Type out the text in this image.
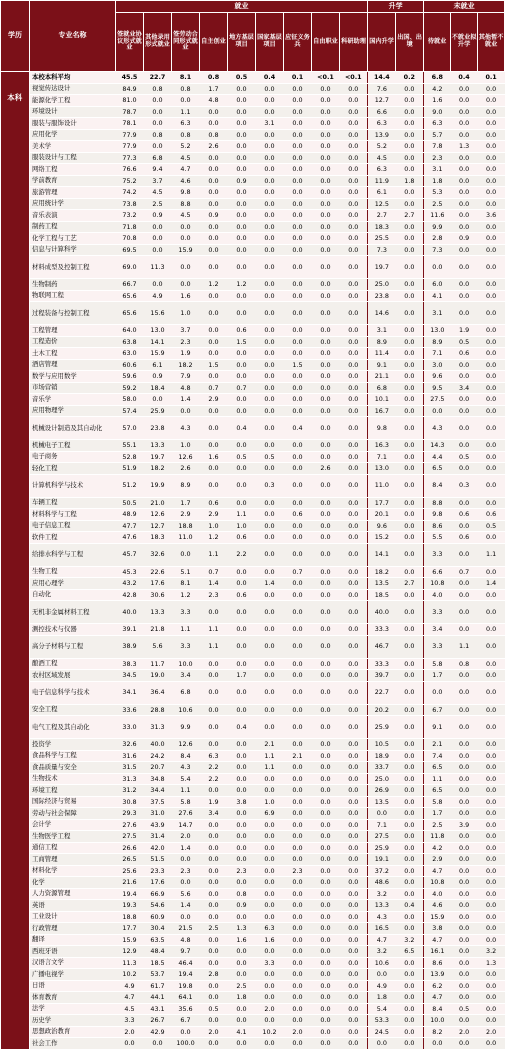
学历	专业名称	就业									升学		未就业		
		签就业协议形式就业	其他录用形式就业	签劳动合同形式就业	自主创业	地方基层项目	国家基层项目	应征义务兵	自由职业	科研助理	国内升学	出国、出境	待就业	不就业拟升学	其他暂不就业

本科	本校本科平均	45.5	22.7	8.1	0.8	0.5	0.4	0.1	<0.1	<0.1	14.4	0.2	6.8	0.4	0.1
	视觉传达设计	84.9	0.8	0.8	1.7	0.0	0.0	0.0	0.0	0.0	7.6	0.0	4.2	0.0	0.0
	能源化学工程	81.0	0.0	0.0	4.8	0.0	0.0	0.0	0.0	0.0	12.7	0.0	1.6	0.0	0.0
	环境设计	78.7	0.0	1.1	0.0	0.0	0.0	0.0	0.0	0.0	6.6	0.0	9.0	0.0	0.0
	服装与服饰设计	78.1	0.0	6.3	0.0	0.0	3.1	0.0	0.0	0.0	6.3	0.0	6.3	0.0	0.0
	应用化学	77.9	0.8	0.8	0.8	0.0	0.0	0.0	0.0	0.0	13.9	0.0	5.7	0.0	0.0
	美术学	77.9	0.0	5.2	2.6	0.0	0.0	0.0	0.0	0.0	5.2	0.0	7.8	1.3	0.0
	服装设计与工程	77.3	6.8	4.5	0.0	0.0	0.0	0.0	0.0	0.0	4.5	0.0	2.3	0.0	0.0
	网络工程	76.6	9.4	4.7	0.0	0.0	0.0	0.0	0.0	0.0	6.3	0.0	3.1	0.0	0.0
	学前教育	75.2	3.7	4.6	0.0	0.9	0.0	0.0	0.0	0.0	11.9	1.8	1.8	0.0	0.0
	旅游管理	74.2	4.5	9.8	0.0	0.0	0.0	0.0	0.0	0.0	6.1	0.0	5.3	0.0	0.0
	应用统计学	73.8	2.5	8.8	0.0	0.0	0.0	0.0	0.0	0.0	12.5	0.0	2.5	0.0	0.0
	音乐表演	73.2	0.9	4.5	0.9	0.0	0.0	0.0	0.0	0.0	2.7	2.7	11.6	0.0	3.6
	制药工程	71.8	0.0	0.0	0.0	0.0	0.0	0.0	0.0	0.0	18.3	0.0	9.9	0.0	0.0
	化学工程与工艺	70.8	0.0	0.0	0.0	0.0	0.0	0.0	0.0	0.0	25.5	0.0	2.8	0.9	0.0
	信息与计算科学	69.5	0.0	15.9	0.0	0.0	0.0	0.0	0.0	0.0	7.3	0.0	7.3	0.0	0.0
	材料成型及控制工程	69.0	11.3	0.0	0.0	0.0	0.0	0.0	0.0	0.0	19.7	0.0	0.0	0.0	0.0
	生物制药	66.7	0.0	0.0	1.2	1.2	0.0	0.0	0.0	0.0	25.0	0.0	6.0	0.0	0.0
	物联网工程	65.6	4.9	1.6	0.0	0.0	0.0	0.0	0.0	0.0	23.8	0.0	4.1	0.0	0.0
	过程装备与控制工程	65.6	15.6	1.0	0.0	0.0	0.0	0.0	0.0	0.0	14.6	0.0	3.1	0.0	0.0
	工程管理	64.0	13.0	3.7	0.0	0.6	0.0	0.0	0.0	0.0	3.1	0.0	13.0	1.9	0.0
	工程造价	63.8	14.1	2.3	0.0	1.5	0.0	0.0	0.0	0.0	8.9	0.0	8.9	0.5	0.0
	土木工程	63.0	15.9	1.9	0.0	0.0	0.0	0.0	0.0	0.0	11.4	0.0	7.1	0.6	0.0
	酒店管理	60.6	6.1	18.2	1.5	0.0	0.0	1.5	0.0	0.0	9.1	0.0	3.0	0.0	0.0
	数学与应用数学	59.6	0.9	7.9	0.0	0.0	0.0	0.0	0.0	0.0	21.1	0.0	9.6	0.0	0.0
	市场营销	59.2	18.4	4.8	0.7	0.7	0.0	0.0	0.0	0.0	6.8	0.0	9.5	3.4	0.0
	音乐学	58.0	0.0	1.4	2.9	0.0	0.0	0.0	0.0	0.0	10.1	0.0	27.5	0.0	0.0
	应用物理学	57.4	25.9	0.0	0.0	0.0	0.0	0.0	0.0	0.0	16.7	0.0	0.0	0.0	0.0
	机械设计制造及其自动化	57.0	23.8	4.3	0.0	0.4	0.0	0.4	0.0	0.0	9.8	0.0	4.3	0.0	0.0
	机械电子工程	55.1	13.3	1.0	0.0	0.0	0.0	0.0	0.0	0.0	16.3	0.0	14.3	0.0	0.0
	电子商务	52.8	19.7	12.6	1.6	0.5	0.5	0.0	0.0	0.0	7.1	0.0	4.4	0.5	0.0
	轻化工程	51.9	18.2	2.6	0.0	0.0	0.0	0.0	2.6	0.0	13.0	0.0	6.5	0.0	0.0
	计算机科学与技术	51.2	19.9	8.9	0.0	0.0	0.3	0.0	0.0	0.0	11.0	0.0	8.4	0.3	0.0
	车辆工程	50.5	21.0	1.7	0.6	0.0	0.0	0.0	0.0	0.0	17.7	0.0	8.8	0.0	0.0
	材料科学与工程	48.9	12.6	2.9	2.9	1.1	0.0	0.6	0.0	0.0	20.1	0.0	9.8	0.6	0.6
	电子信息工程	47.7	12.7	18.8	1.0	1.0	0.0	0.0	0.0	0.0	9.6	0.0	8.6	0.0	0.5
	软件工程	47.6	18.3	11.0	1.2	0.6	0.0	0.0	0.0	0.0	15.2	0.0	5.5	0.6	0.0
	给排水科学与工程	45.7	32.6	0.0	1.1	2.2	0.0	0.0	0.0	0.0	14.1	0.0	3.3	0.0	1.1
	生物工程	45.3	22.6	5.1	0.7	0.0	0.0	0.7	0.0	0.0	18.2	0.0	6.6	0.7	0.0
	应用心理学	43.2	17.6	8.1	1.4	0.0	1.4	0.0	0.0	0.0	13.5	2.7	10.8	0.0	1.4
	自动化	42.8	30.6	1.2	2.3	0.6	0.0	0.0	0.0	0.0	18.5	0.0	4.0	0.0	0.0
	无机非金属材料工程	40.0	13.3	3.3	0.0	0.0	0.0	0.0	0.0	0.0	40.0	0.0	3.3	0.0	0.0
	测控技术与仪器	39.1	21.8	1.1	1.1	0.0	0.0	0.0	0.0	0.0	33.3	0.0	3.4	0.0	0.0
	高分子材料与工程	38.9	5.6	3.3	1.1	0.0	0.0	0.0	0.0	0.0	46.7	0.0	3.3	1.1	0.0
	酿酒工程	38.3	11.7	10.0	0.0	0.0	0.0	0.0	0.0	0.0	33.3	0.0	5.8	0.8	0.0
	农村区域发展	34.5	19.0	3.4	0.0	1.7	0.0	0.0	0.0	0.0	39.7	0.0	1.7	0.0	0.0
	电子信息科学与技术	34.1	36.4	6.8	0.0	0.0	0.0	0.0	0.0	0.0	22.7	0.0	0.0	0.0	0.0
	安全工程	33.6	28.8	10.6	0.0	0.0	0.0	0.0	0.0	0.0	20.2	0.0	6.7	0.0	0.0
	电气工程及其自动化	33.0	31.3	9.9	0.0	0.4	0.0	0.0	0.0	0.0	25.9	0.0	9.1	0.0	0.0
	投资学	32.6	40.0	12.6	0.0	0.0	2.1	0.0	0.0	0.0	10.5	0.0	2.1	0.0	0.0
	食品科学与工程	31.6	24.2	8.4	6.3	0.0	1.1	2.1	0.0	0.0	18.9	0.0	7.4	0.0	0.0
	食品质量与安全	31.5	20.7	4.3	2.2	0.0	1.1	0.0	0.0	0.0	33.7	0.0	6.5	0.0	0.0
	生物技术	31.3	34.8	5.4	2.2	0.0	0.0	0.0	0.0	0.0	25.0	0.0	1.1	0.0	0.0
	环境工程	31.2	34.4	1.1	0.0	0.0	0.0	0.0	0.0	0.0	26.9	0.0	6.5	0.0	0.0
	国际经济与贸易	30.8	37.5	5.8	1.9	3.8	1.0	0.0	0.0	0.0	13.5	0.0	5.8	0.0	0.0
	劳动与社会保障	29.3	31.0	27.6	3.4	0.0	6.9	0.0	0.0	0.0	0.0	0.0	1.7	0.0	0.0
	会计学	27.6	43.9	14.7	0.0	0.0	0.0	0.0	0.0	0.0	7.1	0.0	2.5	3.9	0.0
	生物医学工程	27.5	31.4	2.0	0.0	0.0	0.0	0.0	0.0	0.0	27.5	0.0	11.8	0.0	0.0
	通信工程	26.6	42.0	1.4	0.0	0.0	0.0	0.0	0.0	0.0	25.9	0.0	4.2	0.0	0.0
	工商管理	26.5	51.5	0.0	0.0	0.0	0.0	0.0	0.0	0.0	19.1	0.0	2.9	0.0	0.0
	材料化学	25.6	23.3	2.3	0.0	2.3	0.0	2.3	0.0	0.0	37.2	0.0	4.7	0.0	0.0
	化学	21.6	17.6	0.0	0.0	0.0	0.0	0.0	0.0	0.0	48.6	0.0	10.8	0.0	0.0
	人力资源管理	19.4	66.9	5.6	0.0	0.8	0.0	0.0	0.0	0.0	3.2	0.0	4.0	0.0	0.0
	英语	19.3	54.6	1.4	0.0	0.9	0.0	0.0	0.0	0.0	13.3	0.4	4.6	0.0	0.0
	工业设计	18.8	60.9	0.0	0.0	0.0	0.0	0.0	0.0	0.0	4.3	0.0	15.9	0.0	0.0
	行政管理	17.7	30.4	21.5	2.5	1.3	6.3	0.0	0.0	0.0	16.5	0.0	3.8	0.0	0.0
	翻译	15.9	63.5	4.8	0.0	1.6	1.6	0.0	0.0	0.0	4.7	3.2	4.7	0.0	0.0
	西班牙语	12.9	48.4	9.7	0.0	0.0	0.0	0.0	0.0	0.0	3.2	6.5	16.1	0.0	3.2
	汉语言文学	11.3	18.5	46.4	0.0	0.0	3.3	0.0	0.0	0.0	10.6	0.0	8.6	0.0	1.3
	广播电视学	10.2	53.7	19.4	2.8	0.0	0.0	0.0	0.0	0.0	0.0	0.0	13.9	0.0	0.0
	日语	4.9	61.7	19.8	0.0	2.5	0.0	0.0	0.0	0.0	4.9	0.0	6.2	0.0	0.0
	体育教育	4.7	44.1	64.1	0.0	1.8	0.0	0.0	0.0	0.0	1.8	0.0	4.7	0.0	0.0
	法学	4.5	43.1	35.6	0.5	0.0	2.0	0.0	0.0	0.0	5.4	0.0	8.4	0.5	0.0
	历史学	3.3	26.7	6.7	0.0	0.0	0.0	0.0	0.0	0.0	53.3	0.0	10.0	0.0	0.0
	思想政治教育	2.0	42.9	0.0	2.0	4.1	10.2	2.0	0.0	0.0	24.5	0.0	8.2	2.0	2.0
	社会工作	0.0	0.0	100.0	0.0	0.0	0.0	0.0	0.0	0.0	0.0	0.0	0.0	0.0	0.0
